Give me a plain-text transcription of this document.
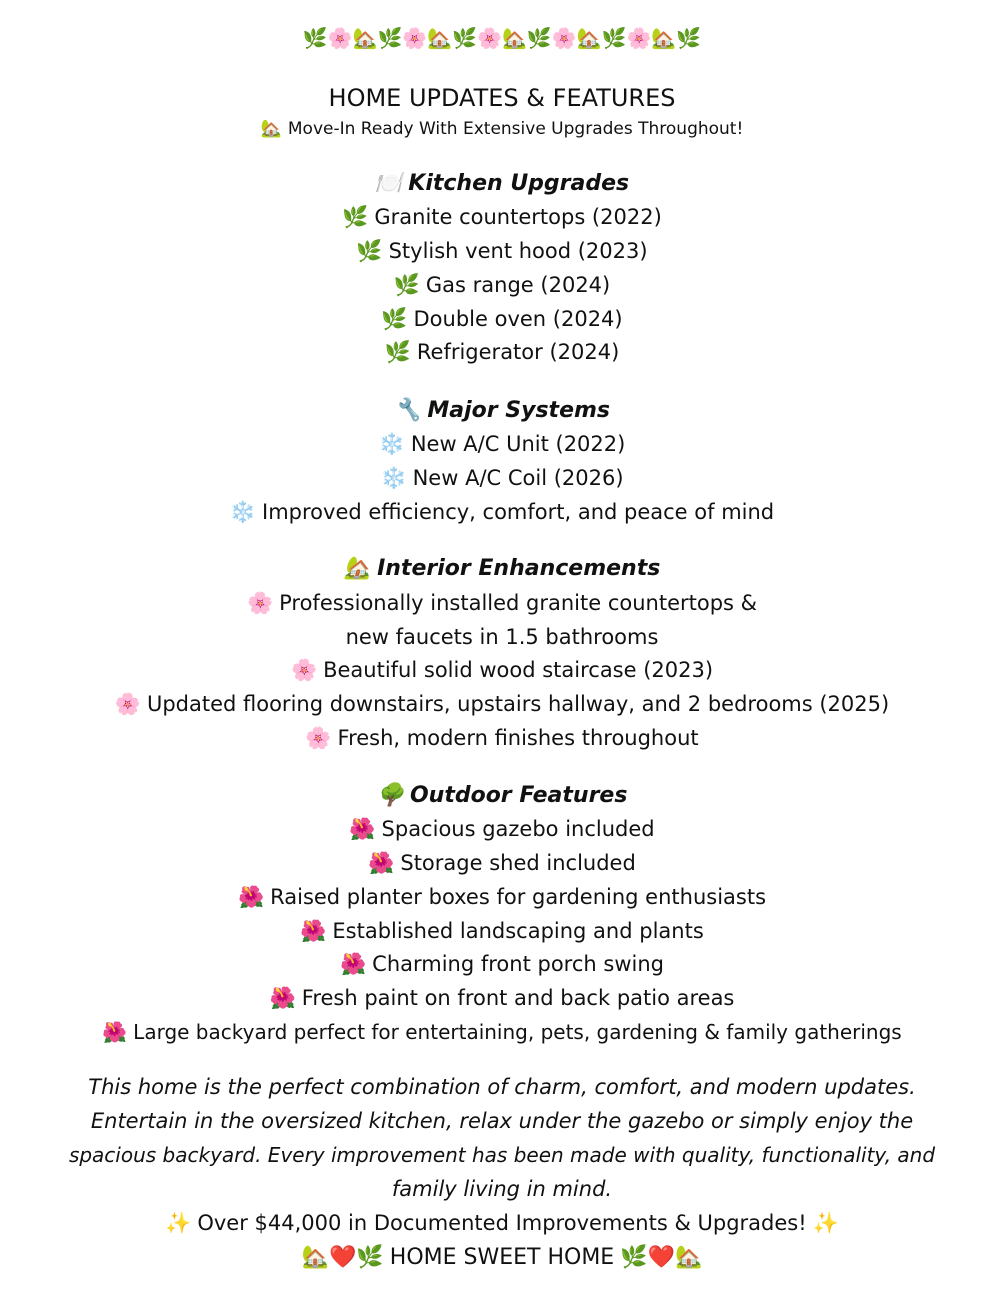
🌿🌸🏡🌿🌸🏡🌿🌸🏡🌿🌸🏡🌿🌸🏡🌿
HOME UPDATES & FEATURES
🏡 Move-In Ready With Extensive Upgrades Throughout!
🍽️ Kitchen Upgrades
🌿 Granite countertops (2022)
🌿 Stylish vent hood (2023)
🌿 Gas range (2024)
🌿 Double oven (2024)
🌿 Refrigerator (2024)
🔧 Major Systems
❄️ New A/C Unit (2022)
❄️ New A/C Coil (2026)
❄️ Improved efficiency, comfort, and peace of mind
🏡 Interior Enhancements
🌸 Professionally installed granite countertops &
new faucets in 1.5 bathrooms
🌸 Beautiful solid wood staircase (2023)
🌸 Updated flooring downstairs, upstairs hallway, and 2 bedrooms (2025)
🌸 Fresh, modern finishes throughout
🌳 Outdoor Features
🌺 Spacious gazebo included
🌺 Storage shed included
🌺 Raised planter boxes for gardening enthusiasts
🌺 Established landscaping and plants
🌺 Charming front porch swing
🌺 Fresh paint on front and back patio areas
🌺 Large backyard perfect for entertaining, pets, gardening & family gatherings
This home is the perfect combination of charm, comfort, and modern updates.
Entertain in the oversized kitchen, relax under the gazebo or simply enjoy the
spacious backyard. Every improvement has been made with quality, functionality, and
family living in mind.
✨ Over $44,000 in Documented Improvements & Upgrades! ✨
🏡❤️🌿 HOME SWEET HOME 🌿❤️🏡
